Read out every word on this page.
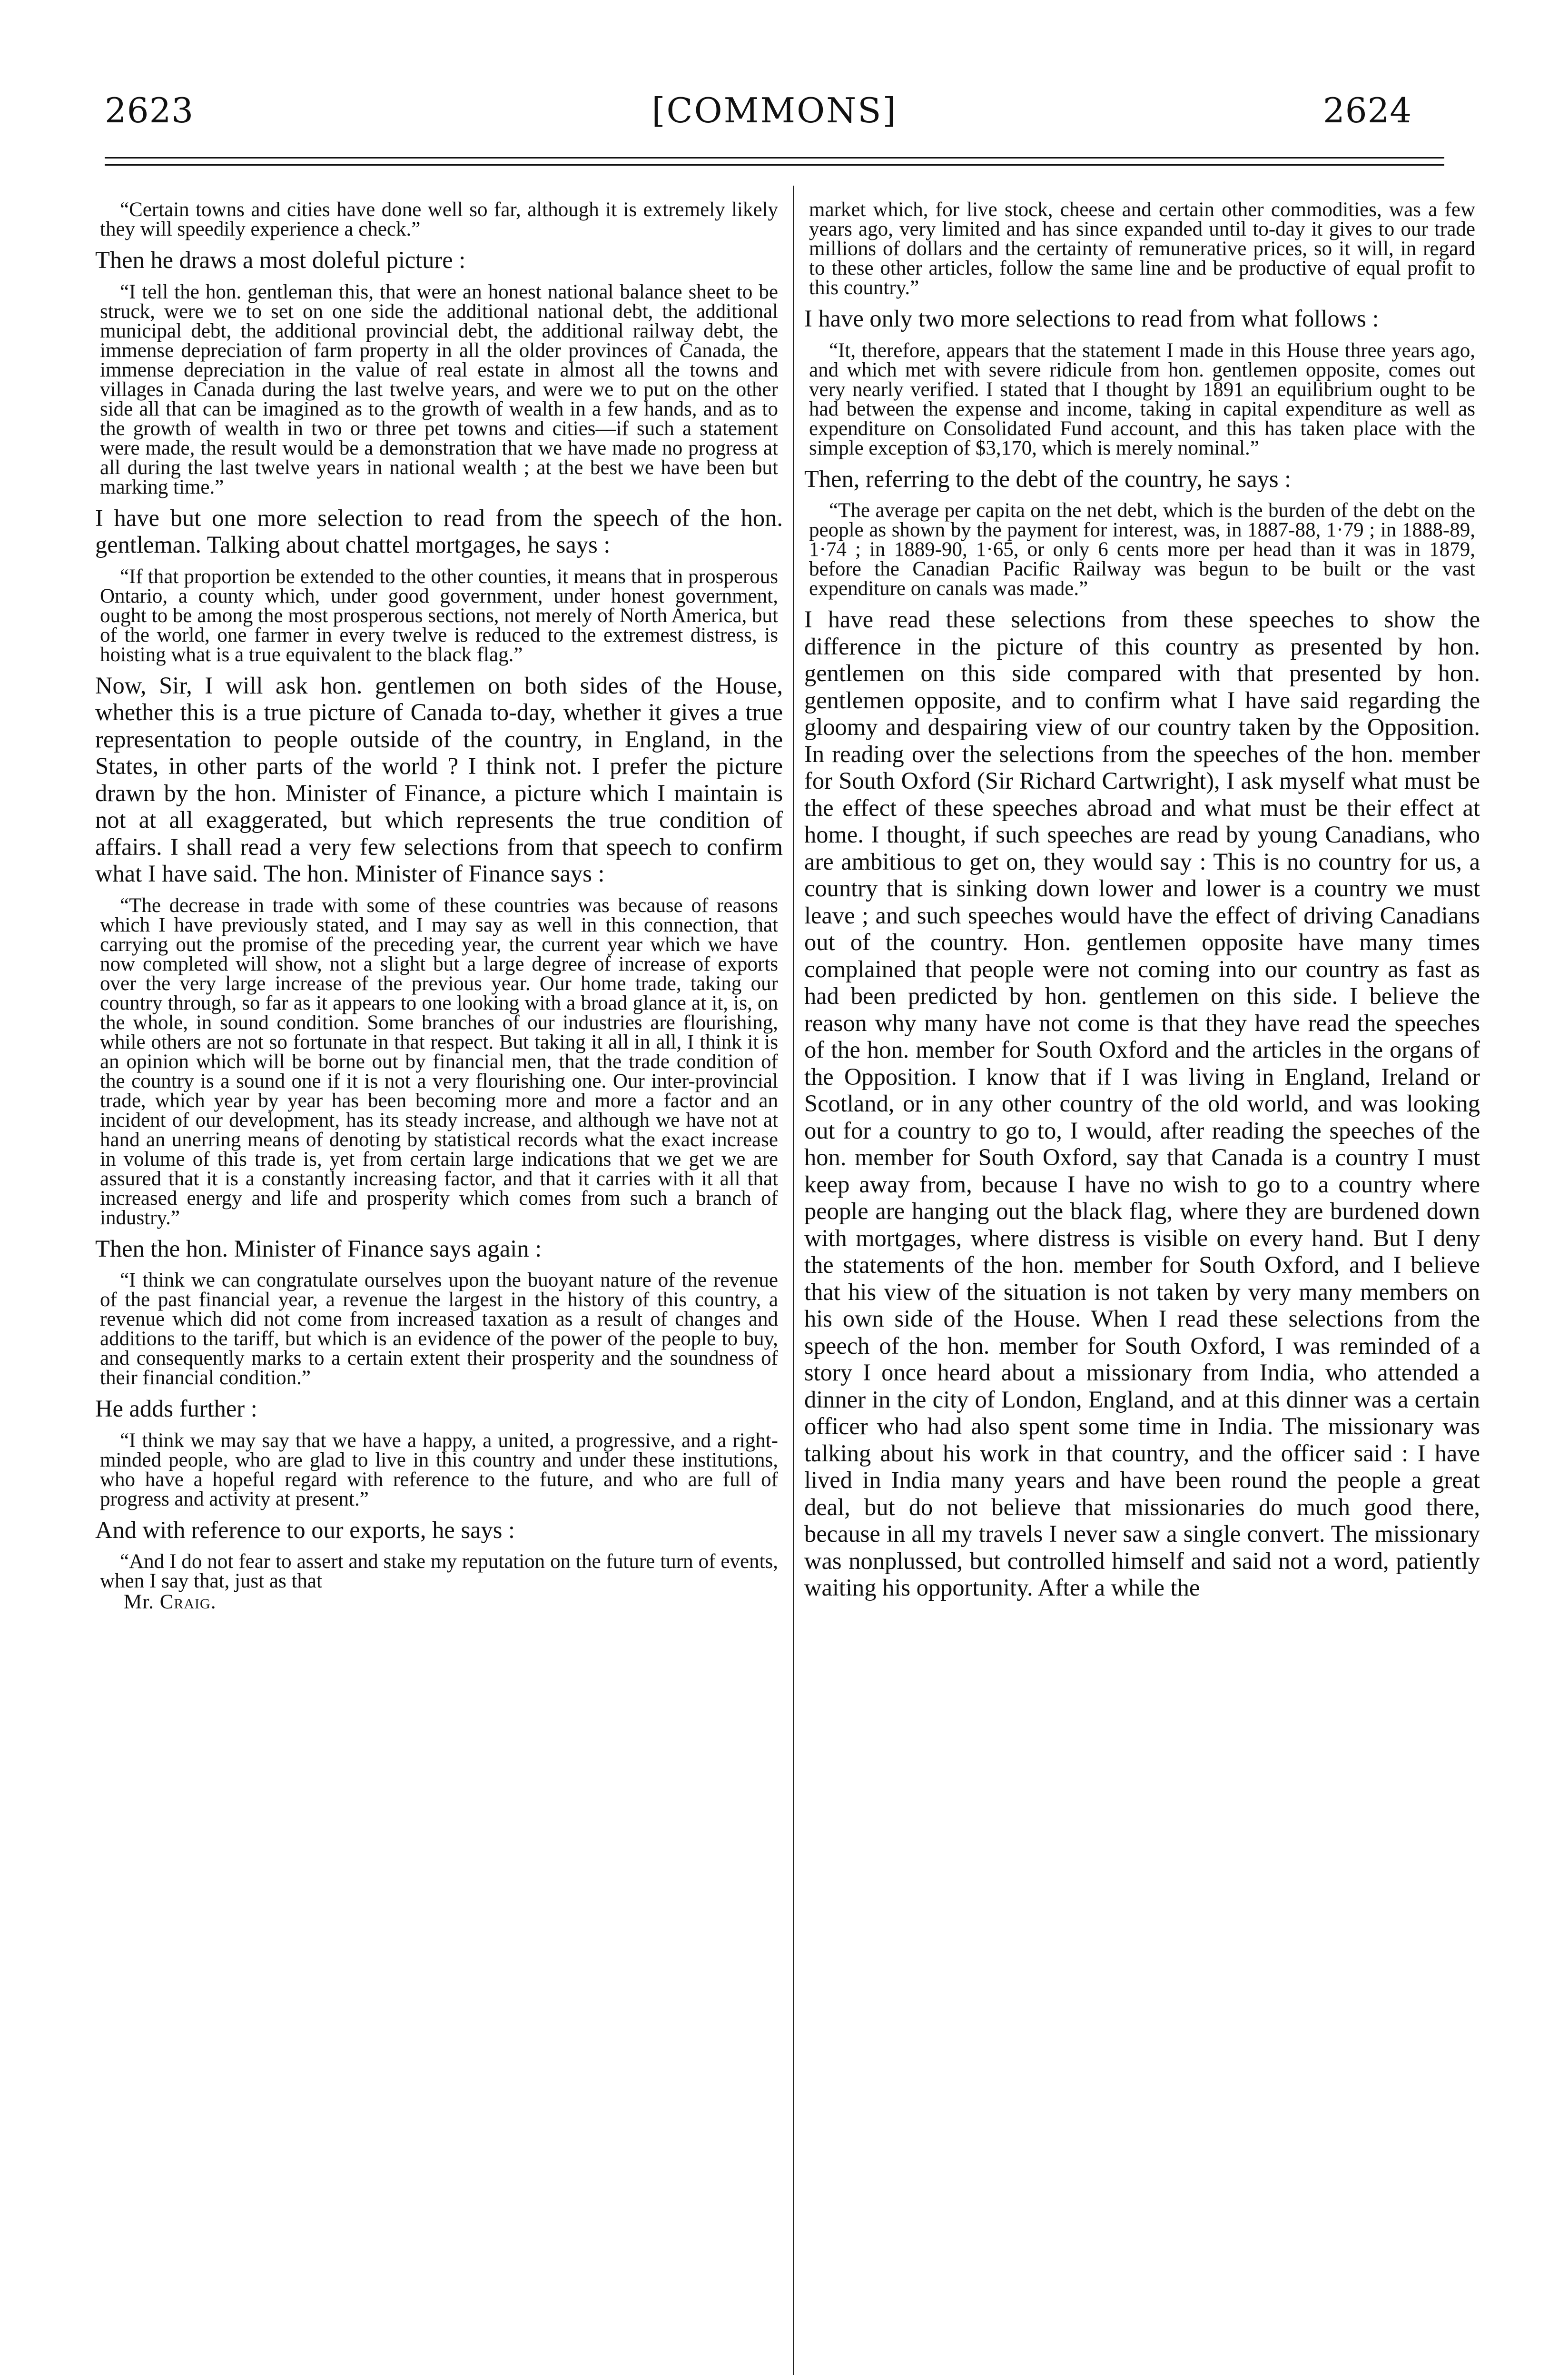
[COMMONS]
2623	2624

“Certain towns and cities have done well so far, although it is extremely likely they will speedily experience a check.”

Then he draws a most doleful picture :

“I tell the hon. gentleman this, that were an honest national balance sheet to be struck, were we to set on one side the additional national debt, the additional municipal debt, the additional provincial debt, the additional railway debt, the immense depreciation of farm property in all the older provinces of Canada, the immense depreciation in the value of real estate in almost all the towns and villages in Canada during the last twelve years, and were we to put on the other side all that can be imagined as to the growth of wealth in a few hands, and as to the growth of wealth in two or three pet towns and cities—if such a statement were made, the result would be a demonstration that we have made no progress at all during the last twelve years in national wealth ; at the best we have been but marking time.”

I have but one more selection to read from the speech of the hon. gentleman. Talking about chattel mortgages, he says :

“If that proportion be extended to the other counties, it means that in prosperous Ontario, a county which, under good government, under honest government, ought to be among the most prosperous sections, not merely of North America, but of the world, one farmer in every twelve is reduced to the extremest distress, is hoisting what is a true equivalent to the black flag.”

Now, Sir, I will ask hon. gentlemen on both sides of the House, whether this is a true picture of Canada to-day, whether it gives a true representation to people outside of the country, in England, in the States, in other parts of the world ? I think not. I prefer the picture drawn by the hon. Minister of Finance, a picture which I maintain is not at all exaggerated, but which represents the true condition of affairs. I shall read a very few selections from that speech to confirm what I have said. The hon. Minister of Finance says :

“The decrease in trade with some of these countries was because of reasons which I have previously stated, and I may say as well in this connection, that carrying out the promise of the preceding year, the current year which we have now completed will show, not a slight but a large degree of increase of exports over the very large increase of the previous year. Our home trade, taking our country through, so far as it appears to one looking with a broad glance at it, is, on the whole, in sound condition. Some branches of our industries are flourishing, while others are not so fortunate in that respect. But taking it all in all, I think it is an opinion which will be borne out by financial men, that the trade condition of the country is a sound one if it is not a very flourishing one. Our inter-provincial trade, which year by year has been becoming more and more a factor and an incident of our development, has its steady increase, and although we have not at hand an unerring means of denoting by statistical records what the exact increase in volume of this trade is, yet from certain large indications that we get we are assured that it is a constantly increasing factor, and that it carries with it all that increased energy and life and prosperity which comes from such a branch of industry.”

Then the hon. Minister of Finance says again :

“I think we can congratulate ourselves upon the buoyant nature of the revenue of the past financial year, a revenue the largest in the history of this country, a revenue which did not come from increased taxation as a result of changes and additions to the tariff, but which is an evidence of the power of the people to buy, and consequently marks to a certain extent their prosperity and the soundness of their financial condition.”

He adds further :

“I think we may say that we have a happy, a united, a progressive, and a right-minded people, who are glad to live in this country and under these institutions, who have a hopeful regard with reference to the future, and who are full of progress and activity at present.”

And with reference to our exports, he says :

“And I do not fear to assert and stake my reputation on the future turn of events, when I say that, just as that

Mr. Craig.

market which, for live stock, cheese and certain other commodities, was a few years ago, very limited and has since expanded until to-day it gives to our trade millions of dollars and the certainty of remunerative prices, so it will, in regard to these other articles, follow the same line and be productive of equal profit to this country.”

I have only two more selections to read from what follows :

“It, therefore, appears that the statement I made in this House three years ago, and which met with severe ridicule from hon. gentlemen opposite, comes out very nearly verified. I stated that I thought by 1891 an equilibrium ought to be had between the expense and income, taking in capital expenditure as well as expenditure on Consolidated Fund account, and this has taken place with the simple exception of $3,170, which is merely nominal.”

Then, referring to the debt of the country, he says :

“The average per capita on the net debt, which is the burden of the debt on the people as shown by the payment for interest, was, in 1887-88, 1·79 ; in 1888-89, 1·74 ; in 1889-90, 1·65, or only 6 cents more per head than it was in 1879, before the Canadian Pacific Railway was begun to be built or the vast expenditure on canals was made.”

I have read these selections from these speeches to show the difference in the picture of this country as presented by hon. gentlemen on this side compared with that presented by hon. gentlemen opposite, and to confirm what I have said regarding the gloomy and despairing view of our country taken by the Opposition. In reading over the selections from the speeches of the hon. member for South Oxford (Sir Richard Cartwright), I ask myself what must be the effect of these speeches abroad and what must be their effect at home. I thought, if such speeches are read by young Canadians, who are ambitious to get on, they would say : This is no country for us, a country that is sinking down lower and lower is a country we must leave ; and such speeches would have the effect of driving Canadians out of the country. Hon. gentlemen opposite have many times complained that people were not coming into our country as fast as had been predicted by hon. gentlemen on this side. I believe the reason why many have not come is that they have read the speeches of the hon. member for South Oxford and the articles in the organs of the Opposition. I know that if I was living in England, Ireland or Scotland, or in any other country of the old world, and was looking out for a country to go to, I would, after reading the speeches of the hon. member for South Oxford, say that Canada is a country I must keep away from, because I have no wish to go to a country where people are hanging out the black flag, where they are burdened down with mortgages, where distress is visible on every hand. But I deny the statements of the hon. member for South Oxford, and I believe that his view of the situation is not taken by very many members on his own side of the House. When I read these selections from the speech of the hon. member for South Oxford, I was reminded of a story I once heard about a missionary from India, who attended a dinner in the city of London, England, and at this dinner was a certain officer who had also spent some time in India. The missionary was talking about his work in that country, and the officer said : I have lived in India many years and have been round the people a great deal, but do not believe that missionaries do much good there, because in all my travels I never saw a single convert. The missionary was nonplussed, but controlled himself and said not a word, patiently waiting his opportunity. After a while the
